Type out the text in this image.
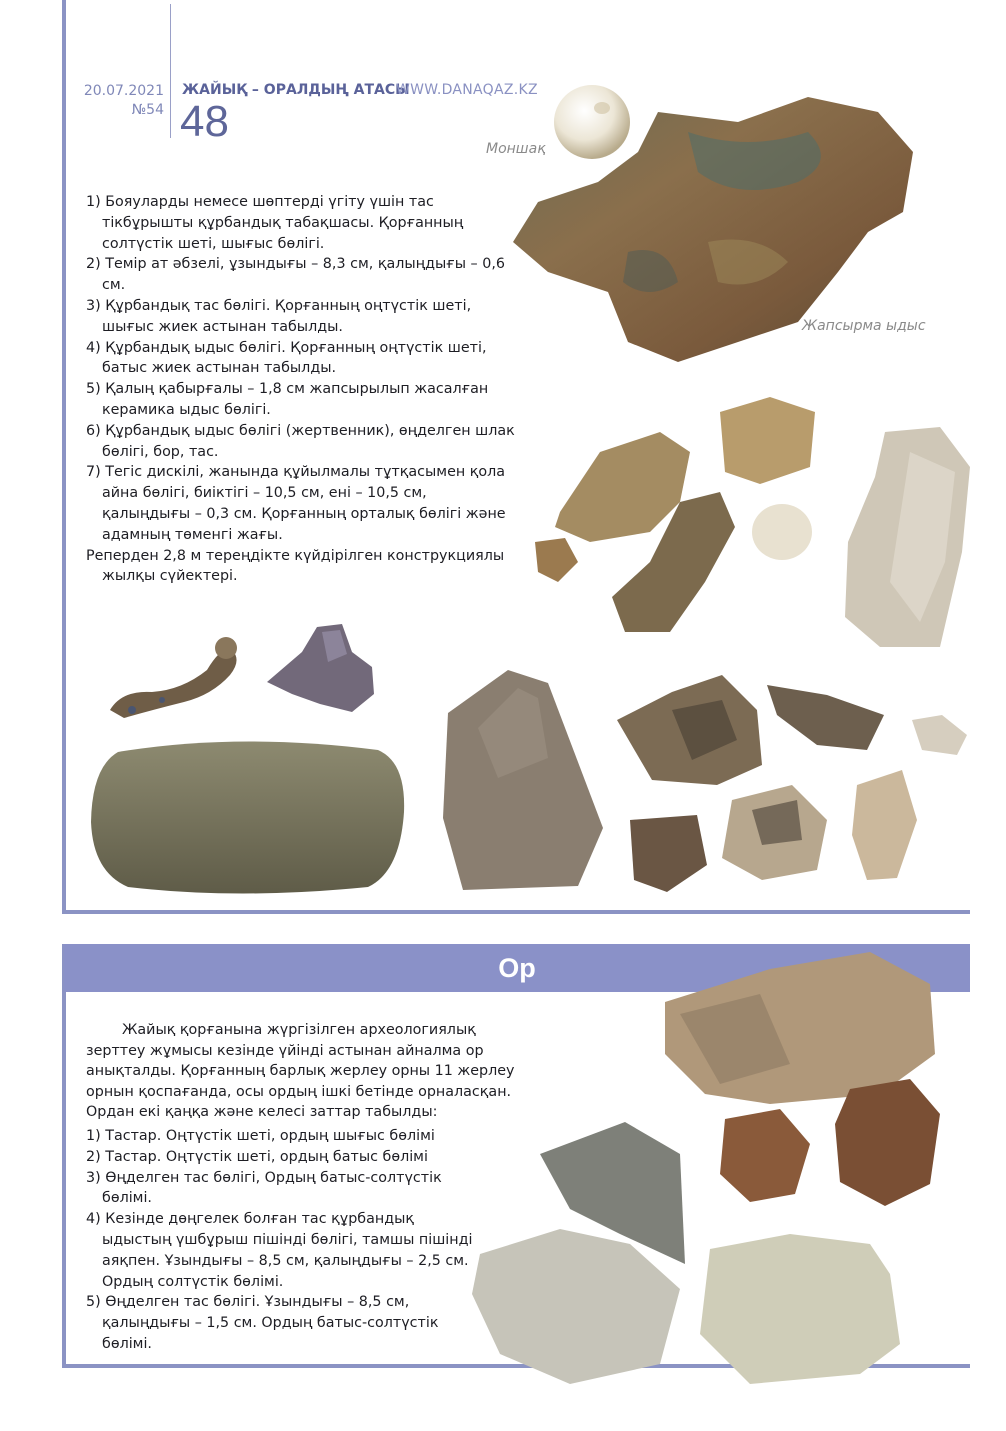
20.07.2021
№54
ЖАЙЫҚ – ОРАЛДЫҢ АТАСЫ
WWW.DANAQAZ.KZ
48
Моншақ
Жапсырма ыдыс
1) Бояуларды немесе шөптерді үгіту үшін тас тікбұрышты құрбандық табақшасы. Қорғанның солтүстік шеті, шығыс бөлігі.
2) Темір ат әбзелі, ұзындығы – 8,3 см, қалыңдығы – 0,6 см.
3) Құрбандық тас бөлігі. Қорғанның оңтүстік шеті, шығыс жиек астынан табылды.
4) Құрбандық ыдыс бөлігі. Қорғанның оңтүстік шеті, батыс жиек астынан табылды.
5) Қалың қабырғалы – 1,8 см жапсырылып жасалған керамика ыдыс бөлігі.
6) Құрбандық ыдыс бөлігі (жертвенник), өңделген шлак бөлігі, бор, тас.
7) Тегіс дискілі, жанында құйылмалы тұтқасымен қола айна бөлігі, биіктігі – 10,5 см, ені – 10,5 см, қалыңдығы – 0,3 см. Қорғанның орталық бөлігі және адамның төменгі жағы.
Реперден 2,8 м тереңдікте күйдірілген конструкциялы жылқы сүйектері.
Ор

Жайық қорғанына жүргізілген археологиялық зерттеу жұмысы кезінде үйінді астынан айналма ор анықталды. Қорғанның барлық жерлеу орны 11 жерлеу орнын қоспағанда, осы ордың ішкі бетінде орналасқан. Ордан екі қаңқа және келесі заттар табылды:

1) Тастар. Оңтүстік шеті, ордың шығыс бөлімі
2) Тастар. Оңтүстік шеті, ордың батыс бөлімі
3) Өңделген тас бөлігі, Ордың батыс-солтүстік бөлімі.
4) Кезінде дөңгелек болған тас құрбандық ыдыстың үшбұрыш пішінді бөлігі, тамшы пішінді аяқпен. Ұзындығы – 8,5 см, қалыңдығы – 2,5 см. Ордың солтүстік бөлімі.
5) Өңделген тас бөлігі. Ұзындығы – 8,5 см, қалыңдығы – 1,5 см. Ордың батыс-солтүстік бөлімі.
